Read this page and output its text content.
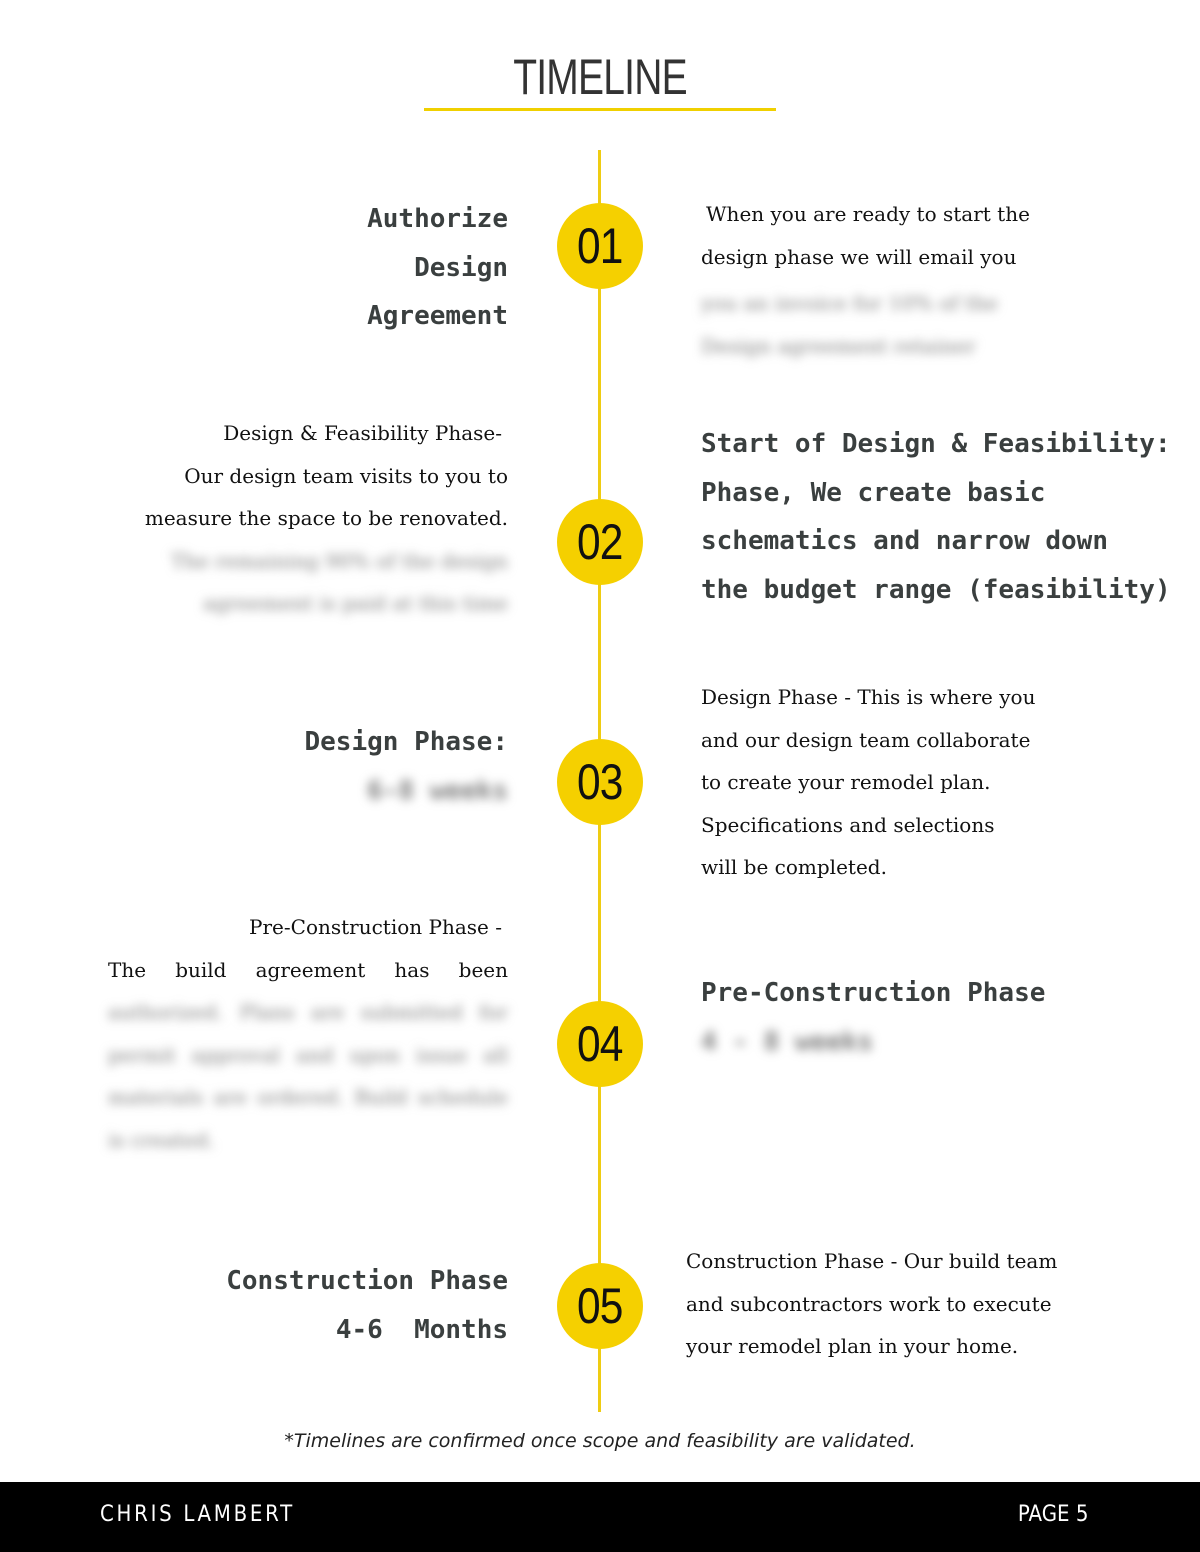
TIMELINE
01
Authorize
Design
Agreement
When you are ready to start the
design phase we will email you
you an invoice for 10% of the
Design agreement retainer
02
Design & Feasibility Phase-
Our design team visits to you to
measure the space to be renovated.
The remaining 90% of the design
agreement is paid at this time
Start of Design & Feasibility:
Phase, We create basic
schematics and narrow down
the budget range (feasibility)
03
Design Phase:
6-8 weeks
Design Phase - This is where you
and our design team collaborate
to create your remodel plan.
Specifications and selections
will be completed.
04
Pre-Construction Phase -
The build agreement has been
authorized. Plans are submitted for
permit approval and upon issue all
materials are ordered. Build schedule
is created.
Pre-Construction Phase
4 - 8 weeks
05
Construction Phase
4-6  Months
Construction Phase - Our build team
and subcontractors work to execute
your remodel plan in your home.
*Timelines are confirmed once scope and feasibility are validated.
CHRIS LAMBERT	PAGE 5
